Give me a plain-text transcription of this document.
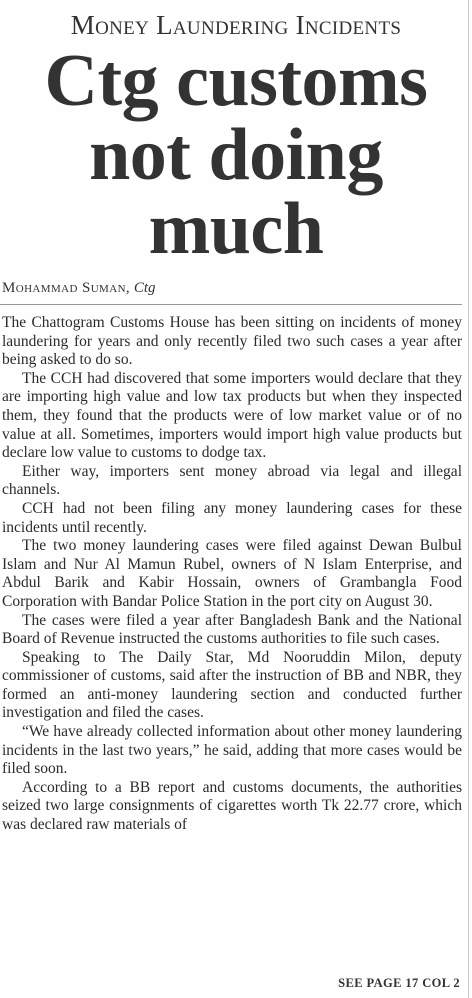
Money Laundering Incidents
Ctg customs
not doing
much
Mohammad Suman, Ctg

The Chattogram Customs House has been sitting on incidents of money laundering for years and only recently filed two such cases a year after being asked to do so.

The CCH had discovered that some importers would declare that they are importing high value and low tax products but when they inspected them, they found that the products were of low market value or of no value at all. Sometimes, importers would import high value products but declare low value to customs to dodge tax.

Either way, importers sent money abroad via legal and illegal channels.

CCH had not been filing any money laundering cases for these incidents until recently.

The two money laundering cases were filed against Dewan Bulbul Islam and Nur Al Mamun Rubel, owners of N Islam Enterprise, and Abdul Barik and Kabir Hossain, owners of Grambangla Food Corporation with Bandar Police Station in the port city on August 30.

The cases were filed a year after Bangladesh Bank and the National Board of Revenue instructed the customs authorities to file such cases.

Speaking to The Daily Star, Md Nooruddin Milon, deputy commissioner of customs, said after the instruction of BB and NBR, they formed an anti-money laundering section and conducted further investigation and filed the cases.

“We have already collected information about other money laundering incidents in the last two years,” he said, adding that more cases would be filed soon.

According to a BB report and customs documents, the authorities seized two large consignments of cigarettes worth Tk 22.77 crore, which was declared raw materials of

SEE PAGE 17 COL 2
